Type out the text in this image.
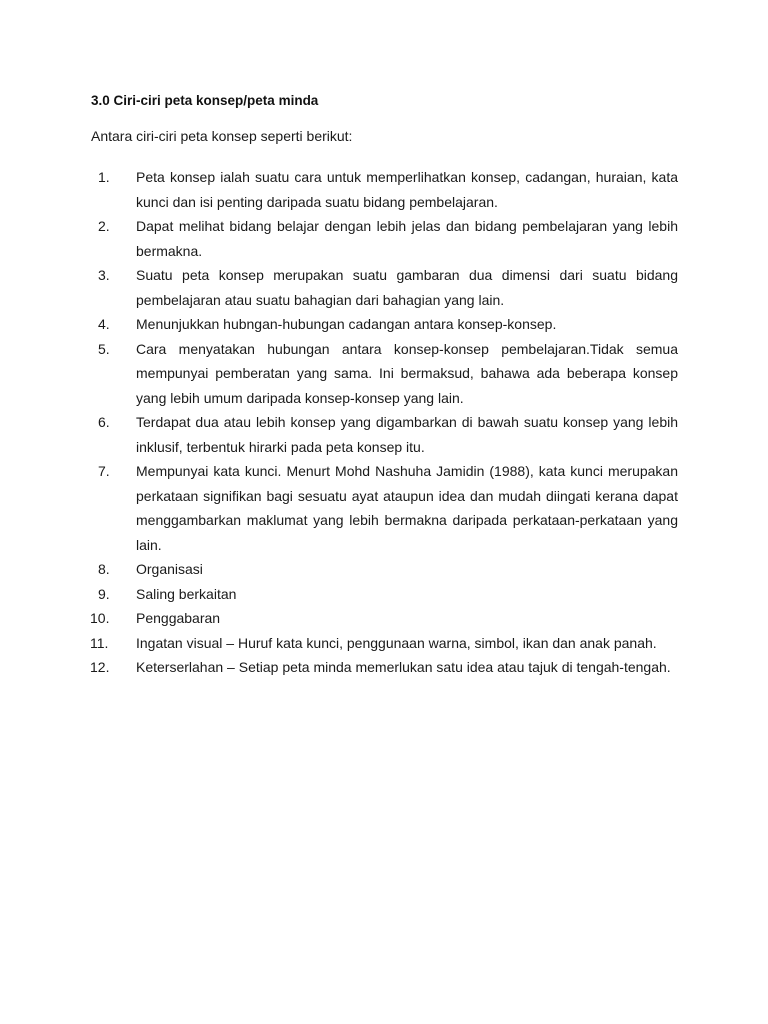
3.0 Ciri-ciri peta konsep/peta minda
Antara ciri-ciri peta konsep seperti berikut:
1.	Peta konsep ialah suatu cara untuk memperlihatkan konsep, cadangan, huraian, kata kunci dan isi penting daripada suatu bidang pembelajaran.
2.	Dapat melihat bidang belajar dengan lebih jelas dan bidang pembelajaran yang lebih bermakna.
3.	Suatu peta konsep merupakan suatu gambaran dua dimensi dari suatu bidang pembelajaran atau suatu bahagian dari bahagian yang lain.
4.	Menunjukkan hubngan-hubungan cadangan antara konsep-konsep.
5.	Cara menyatakan hubungan antara konsep-konsep pembelajaran.Tidak semua mempunyai pemberatan yang sama. Ini bermaksud, bahawa ada beberapa konsep yang lebih umum daripada konsep-konsep yang lain.
6.	Terdapat dua atau lebih konsep yang digambarkan di bawah suatu konsep yang lebih inklusif, terbentuk hirarki pada peta konsep itu.
7.	Mempunyai kata kunci. Menurt Mohd Nashuha Jamidin (1988), kata kunci merupakan perkataan signifikan bagi sesuatu ayat ataupun idea dan mudah diingati kerana dapat menggambarkan maklumat yang lebih bermakna daripada perkataan-perkataan yang lain.
8.	Organisasi
9.	Saling berkaitan
10.	Penggabaran
11.	Ingatan visual – Huruf kata kunci, penggunaan warna, simbol, ikan dan anak panah.
12.	Keterserlahan – Setiap peta minda memerlukan satu idea atau tajuk di tengah-tengah.
